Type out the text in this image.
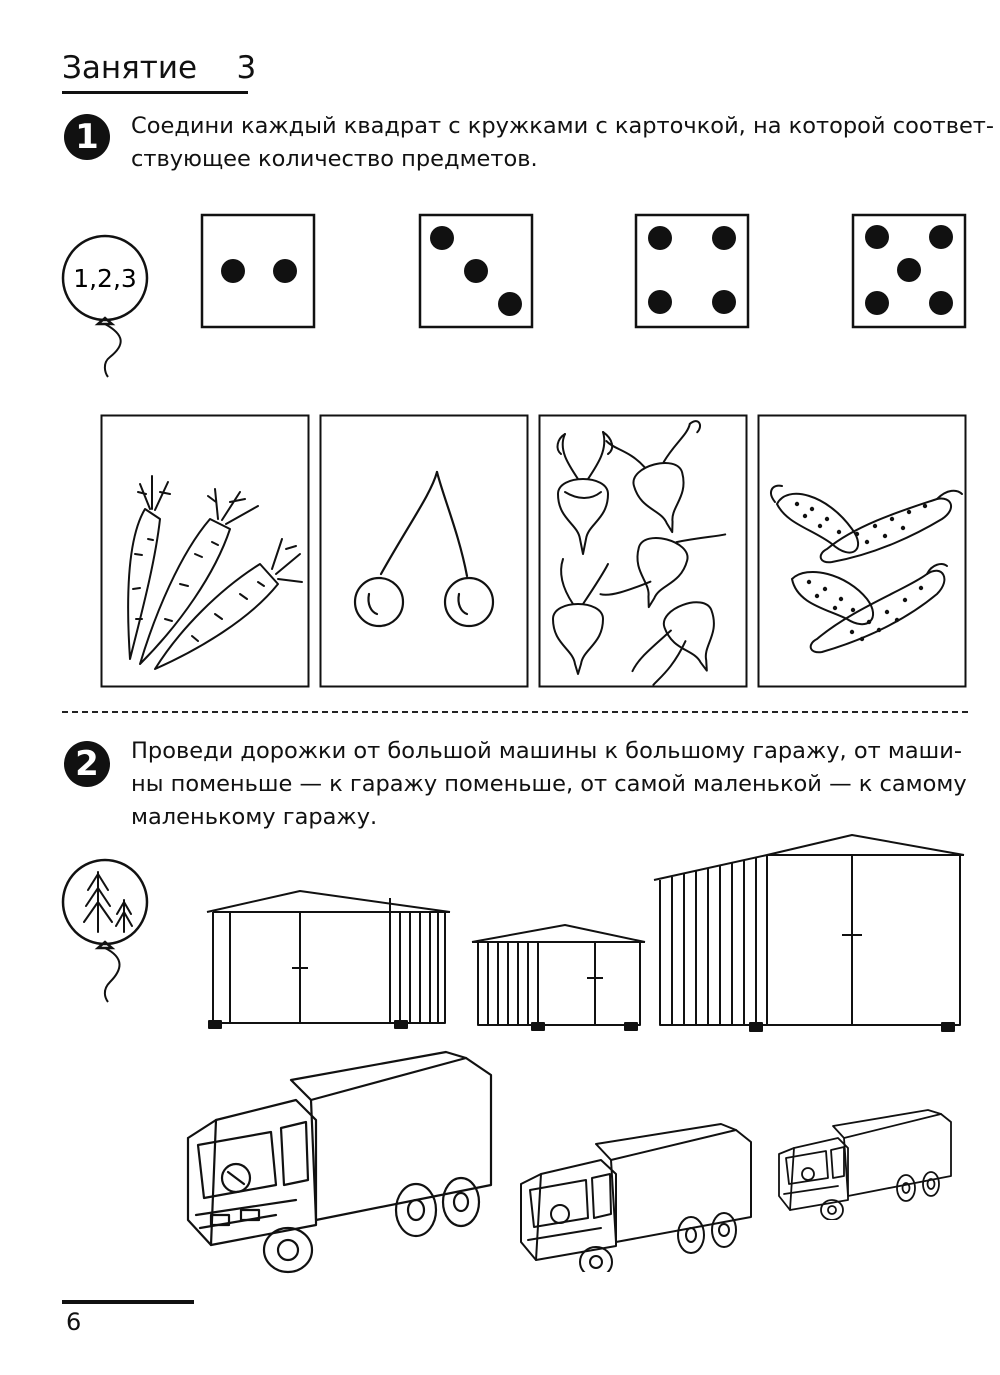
Занятие    3
1	Соедини каждый квадрат с кружками с карточкой, на которой соответ-
ствующее количество предметов.
1,2,3
2	Проведи дорожки от большой машины к большому гаражу, от маши-
ны поменьше — к гаражу поменьше, от самой маленькой — к самому
маленькому гаражу.
6
